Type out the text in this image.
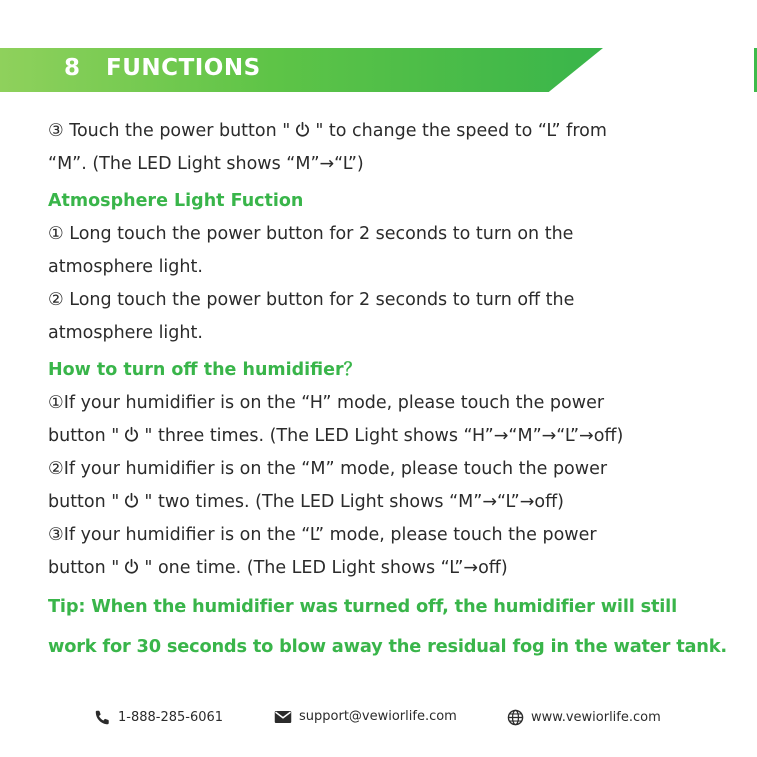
8 FUNCTIONS
③ Touch the power button " " to change the speed to “L” from
“M”. (The LED Light shows “M”→“L”)
Atmosphere Light Fuction
① Long touch the power button for 2 seconds to turn on the
atmosphere light.
② Long touch the power button for 2 seconds to turn off the
atmosphere light.
How to turn off the humidifier？
①If your humidifier is on the “H” mode, please touch the power
button " " three times. (The LED Light shows “H”→“M”→“L”→off)
②If your humidifier is on the “M” mode, please touch the power
button " " two times. (The LED Light shows “M”→“L”→off)
③If your humidifier is on the “L” mode, please touch the power
button " " one time. (The LED Light shows “L”→off)
Tip: When the humidifier was turned off, the humidifier will still
work for 30 seconds to blow away the residual fog in the water tank.
1-888-285-6061	support@vewiorlife.com	www.vewiorlife.com
